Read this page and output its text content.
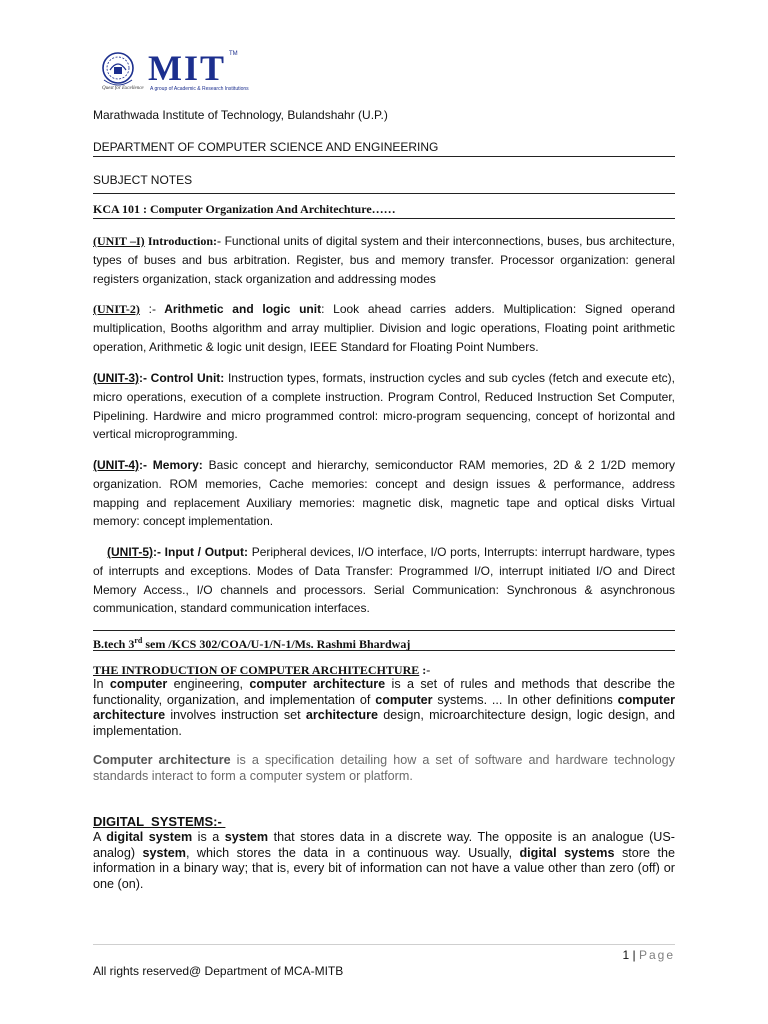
MIT TM
A group of Academic & Research Institutions
Quest for Excellence
Marathwada Institute of Technology, Bulandshahr (U.P.)
DEPARTMENT OF COMPUTER SCIENCE AND ENGINEERING
SUBJECT NOTES
KCA 101 : Computer Organization And Architechture……

(UNIT –I) Introduction:- Functional units of digital system and their interconnections, buses, bus architecture, types of buses and bus arbitration. Register, bus and memory transfer. Processor organization: general registers organization, stack organization and addressing modes

(UNIT-2) :- Arithmetic and logic unit: Look ahead carries adders. Multiplication: Signed operand multiplication, Booths algorithm and array multiplier. Division and logic operations, Floating point arithmetic operation, Arithmetic & logic unit design, IEEE Standard for Floating Point Numbers.

(UNIT-3):- Control Unit: Instruction types, formats, instruction cycles and sub cycles (fetch and execute etc), micro operations, execution of a complete instruction. Program Control, Reduced Instruction Set Computer, Pipelining. Hardwire and micro programmed control: micro-program sequencing, concept of horizontal and vertical microprogramming.

(UNIT-4):- Memory: Basic concept and hierarchy, semiconductor RAM memories, 2D & 2 1/2D memory organization. ROM memories, Cache memories: concept and design issues & performance, address mapping and replacement Auxiliary memories: magnetic disk, magnetic tape and optical disks Virtual memory: concept implementation.

(UNIT-5):- Input / Output: Peripheral devices, I/O interface, I/O ports, Interrupts: interrupt hardware, types of interrupts and exceptions. Modes of Data Transfer: Programmed I/O, interrupt initiated I/O and Direct Memory Access., I/O channels and processors. Serial Communication: Synchronous & asynchronous communication, standard communication interfaces.

B.tech 3rd sem /KCS 302/COA/U-1/N-1/Ms. Rashmi Bhardwaj
THE INTRODUCTION OF COMPUTER ARCHITECHTURE :-

In computer engineering, computer architecture is a set of rules and methods that describe the functionality, organization, and implementation of computer systems. ... In other definitions computer architecture involves instruction set architecture design, microarchitecture design, logic design, and implementation.

Computer architecture is a specification detailing how a set of software and hardware technology standards interact to form a computer system or platform.

DIGITAL  SYSTEMS:-

A digital system is a system that stores data in a discrete way. The opposite is an analogue (US- analog) system, which stores the data in a continuous way. Usually, digital systems store the information in a binary way; that is, every bit of information can not have a value other than zero (off) or one (on).

1 | Page
All rights reserved@ Department of MCA-MITB
